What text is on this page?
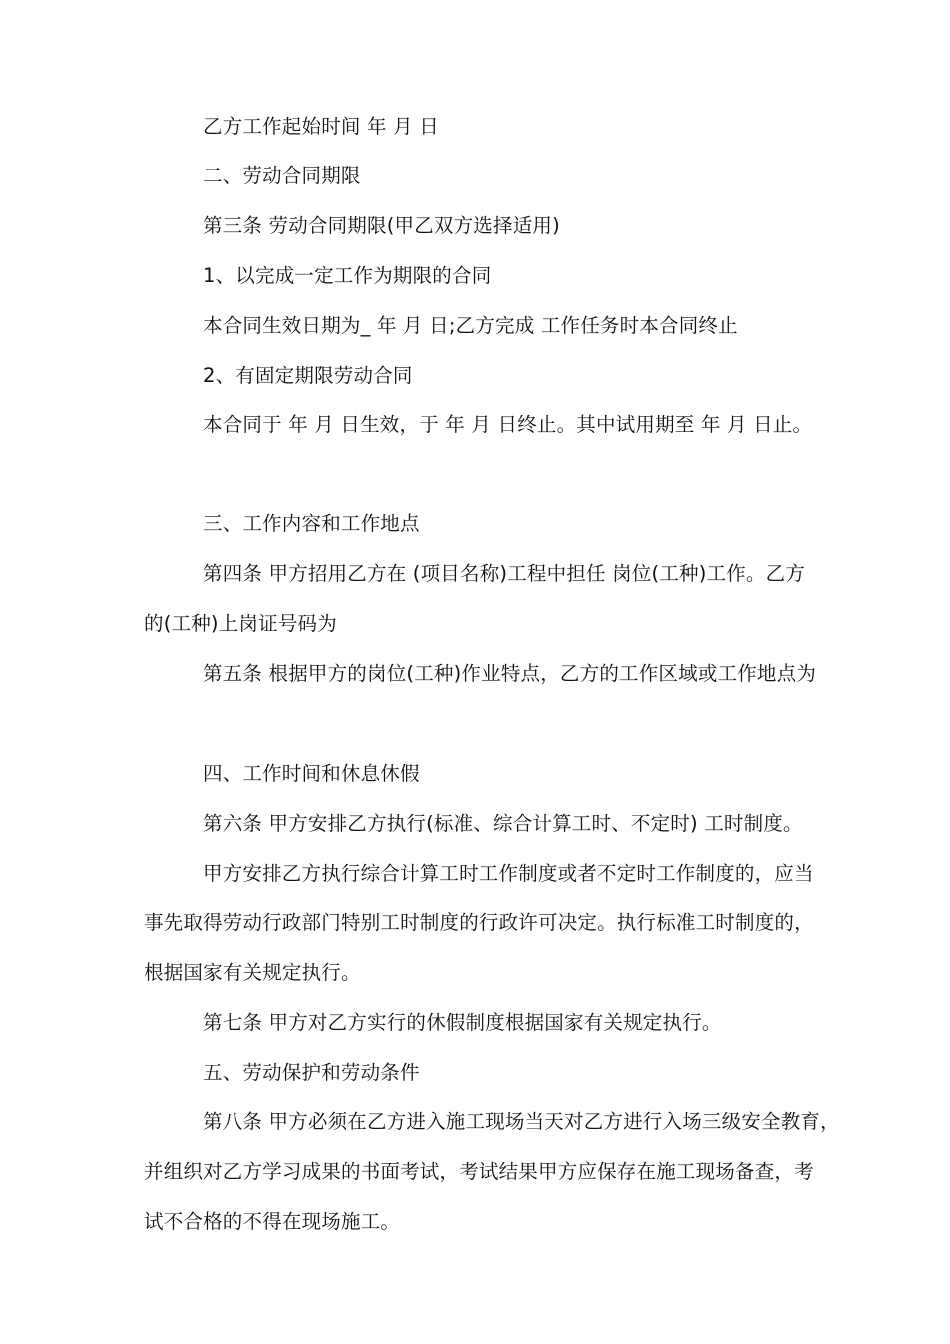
乙方工作起始时间 年 月 日
二、劳动合同期限
第三条 劳动合同期限(甲乙双方选择适用)
1、以完成一定工作为期限的合同
本合同生效日期为_ 年 月 日;乙方完成 工作任务时本合同终止
2、有固定期限劳动合同
本合同于 年 月 日生效，于 年 月 日终止。其中试用期至 年 月 日止。
三、工作内容和工作地点
第四条 甲方招用乙方在 (项目名称)工程中担任 岗位(工种)工作。乙方
的(工种)上岗证号码为
第五条 根据甲方的岗位(工种)作业特点，乙方的工作区域或工作地点为
四、工作时间和休息休假
第六条 甲方安排乙方执行(标准、综合计算工时、不定时) 工时制度。
甲方安排乙方执行综合计算工时工作制度或者不定时工作制度的，应当
事先取得劳动行政部门特别工时制度的行政许可决定。执行标准工时制度的，
根据国家有关规定执行。
第七条 甲方对乙方实行的休假制度根据国家有关规定执行。
五、劳动保护和劳动条件
第八条 甲方必须在乙方进入施工现场当天对乙方进行入场三级安全教育，
并组织对乙方学习成果的书面考试，考试结果甲方应保存在施工现场备查，考
试不合格的不得在现场施工。
